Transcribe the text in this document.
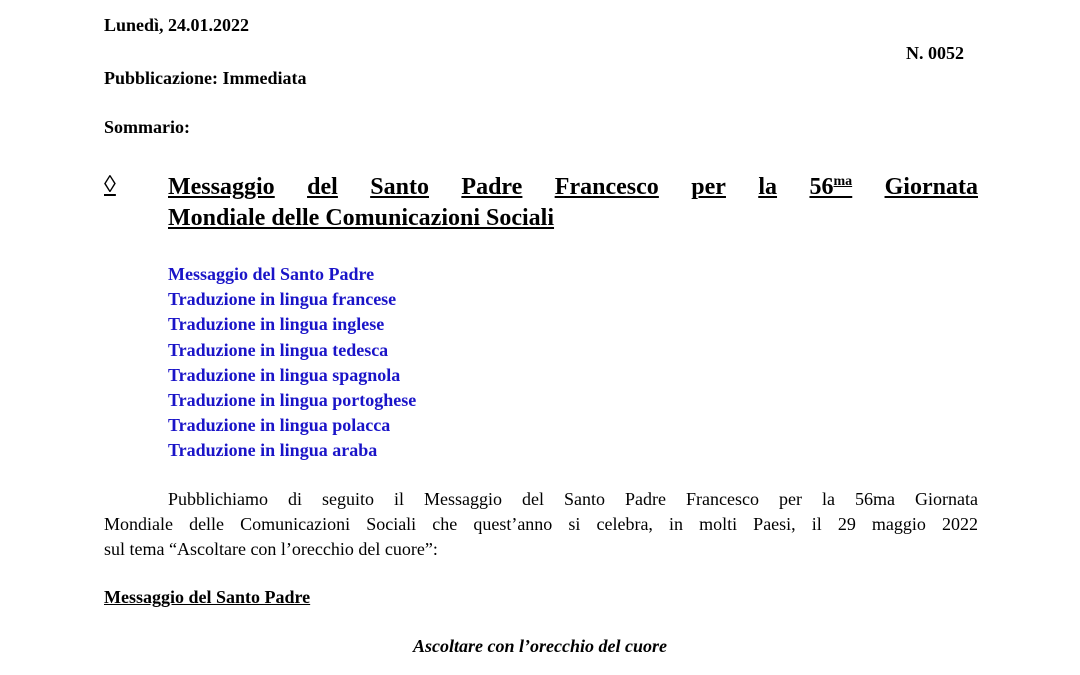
Lunedì, 24.01.2022
N. 0052
Pubblicazione: Immediata
Sommario:
◊	Messaggio del Santo Padre Francesco per la $56^{ma}$ Giornata
Mondiale delle Comunicazioni Sociali
Messaggio del Santo Padre
Traduzione in lingua francese
Traduzione in lingua inglese
Traduzione in lingua tedesca
Traduzione in lingua spagnola
Traduzione in lingua portoghese
Traduzione in lingua polacca
Traduzione in lingua araba
Pubblichiamo di seguito il Messaggio del Santo Padre Francesco per la 56ma Giornata
Mondiale delle Comunicazioni Sociali che quest’anno si celebra, in molti Paesi, il 29 maggio 2022
sul tema “Ascoltare con l’orecchio del cuore”:
Messaggio del Santo Padre
Ascoltare con l’orecchio del cuore
